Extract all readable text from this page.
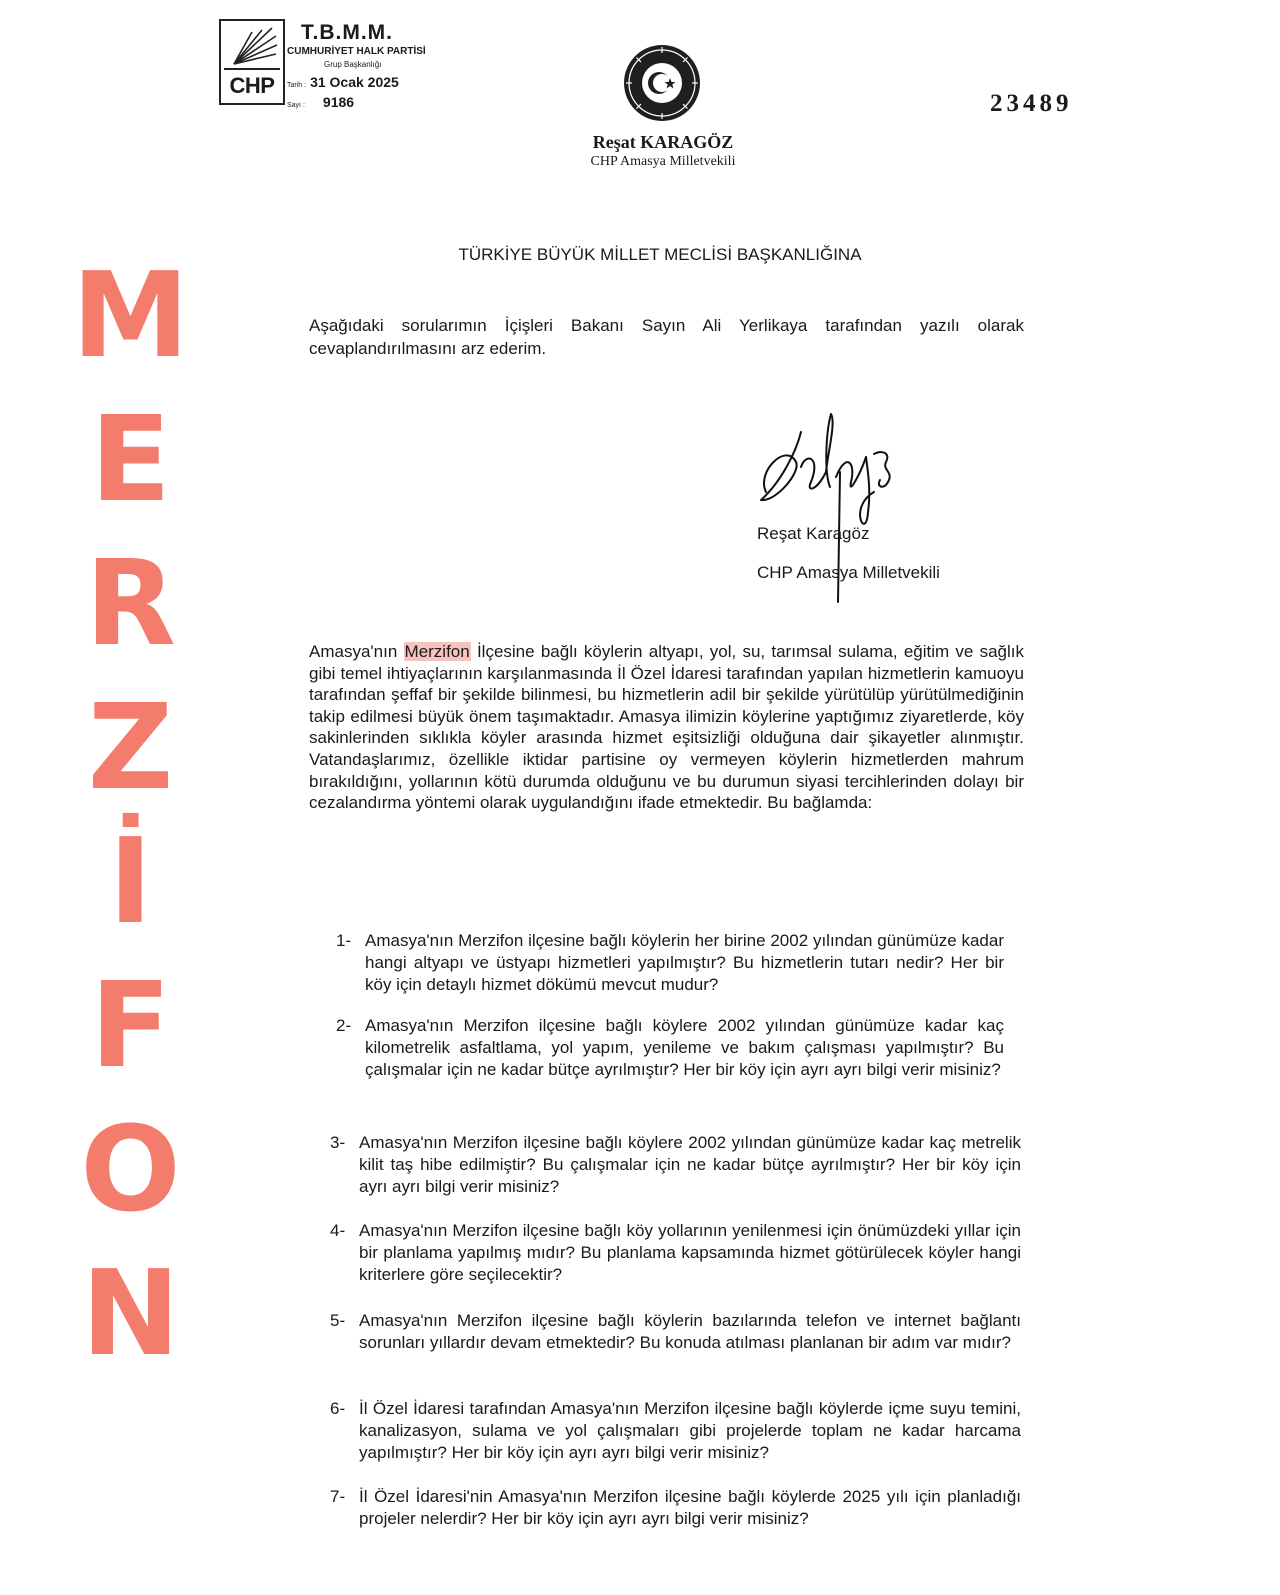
M
E
R
Z
İ
F
O
N
CHP
T.B.M.M.
CUMHURİYET HALK PARTİSİ
Grup Başkanlığı
Tarih : 31 Ocak 2025
Sayı : 9186
Reşat KARAGÖZ
CHP Amasya Milletvekili
23489
TÜRKİYE BÜYÜK MİLLET MECLİSİ BAŞKANLIĞINA
Aşağıdaki sorularımın İçişleri Bakanı Sayın Ali Yerlikaya tarafından yazılı olarak cevaplandırılmasını arz ederim.
Reşat Karagöz
CHP Amasya Milletvekili
Amasya'nın Merzifon İlçesine bağlı köylerin altyapı, yol, su, tarımsal sulama, eğitim ve sağlık gibi temel ihtiyaçlarının karşılanmasında İl Özel İdaresi tarafından yapılan hizmetlerin kamuoyu tarafından şeffaf bir şekilde bilinmesi, bu hizmetlerin adil bir şekilde yürütülüp yürütülmediğinin takip edilmesi büyük önem taşımaktadır. Amasya ilimizin köylerine yaptığımız ziyaretlerde, köy sakinlerinden sıklıkla köyler arasında hizmet eşitsizliği olduğuna dair şikayetler alınmıştır. Vatandaşlarımız, özellikle iktidar partisine oy vermeyen köylerin hizmetlerden mahrum bırakıldığını, yollarının kötü durumda olduğunu ve bu durumun siyasi tercihlerinden dolayı bir cezalandırma yöntemi olarak uygulandığını ifade etmektedir. Bu bağlamda:
1- Amasya'nın Merzifon ilçesine bağlı köylerin her birine 2002 yılından günümüze kadar hangi altyapı ve üstyapı hizmetleri yapılmıştır? Bu hizmetlerin tutarı nedir? Her bir köy için detaylı hizmet dökümü mevcut mudur?
2- Amasya'nın Merzifon ilçesine bağlı köylere 2002 yılından günümüze kadar kaç kilometrelik asfaltlama, yol yapım, yenileme ve bakım çalışması yapılmıştır? Bu çalışmalar için ne kadar bütçe ayrılmıştır? Her bir köy için ayrı ayrı bilgi verir misiniz?
3- Amasya'nın Merzifon ilçesine bağlı köylere 2002 yılından günümüze kadar kaç metrelik kilit taş hibe edilmiştir? Bu çalışmalar için ne kadar bütçe ayrılmıştır? Her bir köy için ayrı ayrı bilgi verir misiniz?
4- Amasya'nın Merzifon ilçesine bağlı köy yollarının yenilenmesi için önümüzdeki yıllar için bir planlama yapılmış mıdır? Bu planlama kapsamında hizmet götürülecek köyler hangi kriterlere göre seçilecektir?
5- Amasya'nın Merzifon ilçesine bağlı köylerin bazılarında telefon ve internet bağlantı sorunları yıllardır devam etmektedir? Bu konuda atılması planlanan bir adım var mıdır?
6- İl Özel İdaresi tarafından Amasya'nın Merzifon ilçesine bağlı köylerde içme suyu temini, kanalizasyon, sulama ve yol çalışmaları gibi projelerde toplam ne kadar harcama yapılmıştır? Her bir köy için ayrı ayrı bilgi verir misiniz?
7- İl Özel İdaresi'nin Amasya'nın Merzifon ilçesine bağlı köylerde 2025 yılı için planladığı projeler nelerdir? Her bir köy için ayrı ayrı bilgi verir misiniz?
